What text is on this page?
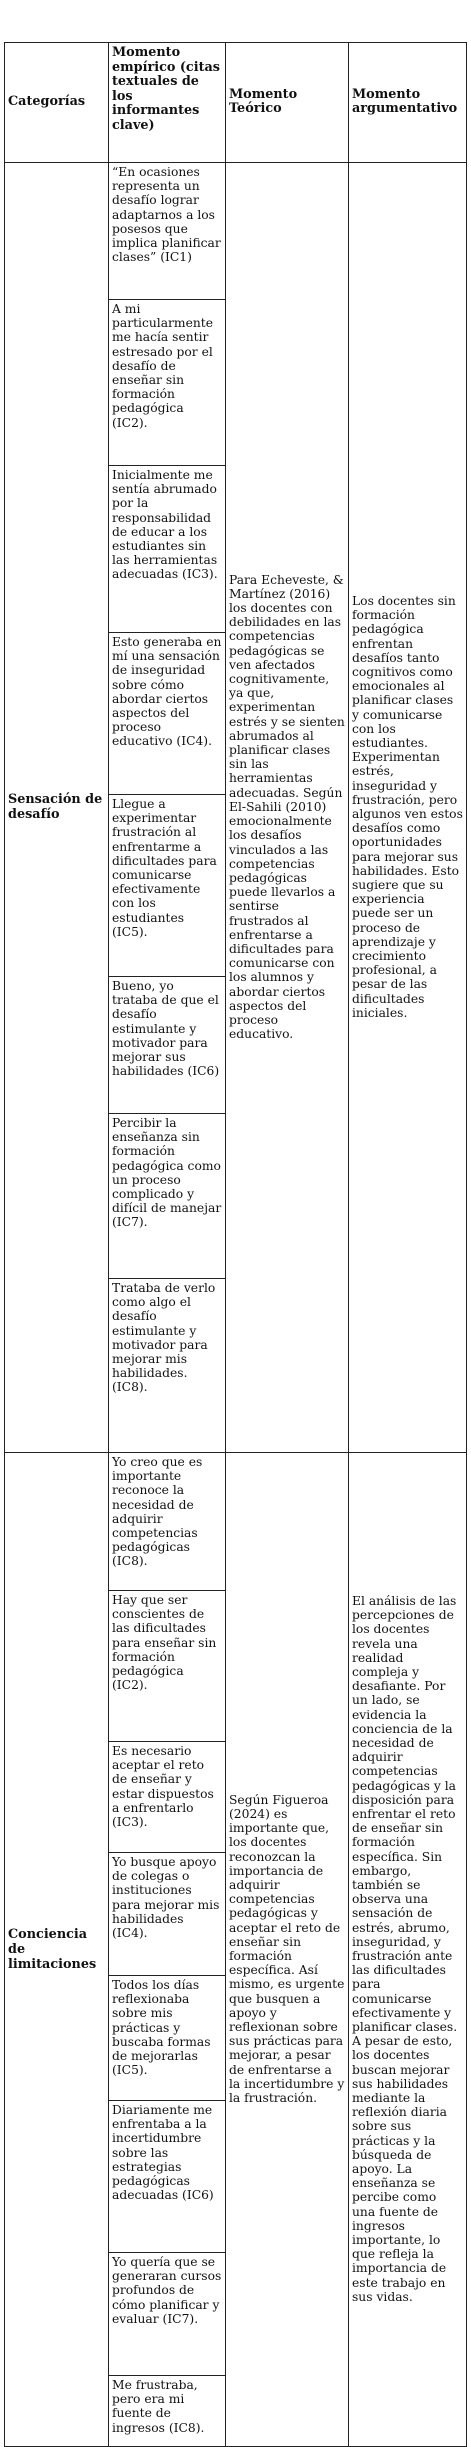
Categorías
Momento empírico (citas textuales de los informantes clave)
Momento Teórico
Momento argumentativo
Sensación de desafío
“En ocasiones representa un desafío lograr adaptarnos a los posesos que implica planificar clases” (IC1)
A mi particularmente me hacía sentir estresado por el desafío de enseñar sin formación pedagógica (IC2).
Inicialmente me sentía abrumado por la responsabilidad de educar a los estudiantes sin las herramientas adecuadas (IC3).
Esto generaba en mí una sensación de inseguridad sobre cómo abordar ciertos aspectos del proceso educativo (IC4).
Llegue a experimentar frustración al enfrentarme a dificultades para comunicarse efectivamente con los estudiantes (IC5).
Bueno, yo trataba de que el desafío estimulante y motivador para mejorar sus habilidades (IC6)
Percibir la enseñanza sin formación pedagógica como un proceso complicado y difícil de manejar (IC7).
Trataba de verlo como algo el desafío estimulante y motivador para mejorar mis habilidades. (IC8).
Para Echeveste, & Martínez (2016) los docentes con debilidades en las competencias pedagógicas se ven afectados cognitivamente, ya que, experimentan estrés y se sienten abrumados al planificar clases sin las herramientas adecuadas. Según El-Sahili (2010) emocionalmente los desafíos vinculados a las competencias pedagógicas puede llevarlos a sentirse frustrados al enfrentarse a dificultades para comunicarse con los alumnos y abordar ciertos aspectos del proceso educativo.
Los docentes sin formación pedagógica enfrentan desafíos tanto cognitivos como emocionales al planificar clases y comunicarse con los estudiantes. Experimentan estrés, inseguridad y frustración, pero algunos ven estos desafíos como oportunidades para mejorar sus habilidades. Esto sugiere que su experiencia puede ser un proceso de aprendizaje y crecimiento profesional, a pesar de las dificultades iniciales.
Conciencia de limitaciones
Yo creo que es importante reconoce la necesidad de adquirir competencias pedagógicas (IC8).
Hay que ser conscientes de las dificultades para enseñar sin formación pedagógica (IC2).
Es necesario aceptar el reto de enseñar y estar dispuestos a enfrentarlo (IC3).
Yo busque apoyo de colegas o instituciones para mejorar mis habilidades (IC4).
Todos los días reflexionaba sobre mis prácticas y buscaba formas de mejorarlas (IC5).
Diariamente me enfrentaba a la incertidumbre sobre las estrategias pedagógicas adecuadas (IC6)
Yo quería que se generaran cursos profundos de cómo planificar y evaluar (IC7).
Me frustraba, pero era mi fuente de ingresos (IC8).
Según Figueroa (2024) es importante que, los docentes reconozcan la importancia de adquirir competencias pedagógicas y aceptar el reto de enseñar sin formación específica. Así mismo, es urgente que busquen a apoyo y reflexionan sobre sus prácticas para mejorar, a pesar de enfrentarse a la incertidumbre y la frustración.
El análisis de las percepciones de los docentes revela una realidad compleja y desafiante. Por un lado, se evidencia la conciencia de la necesidad de adquirir competencias pedagógicas y la disposición para enfrentar el reto de enseñar sin formación específica. Sin embargo, también se observa una sensación de estrés, abrumo, inseguridad, y frustración ante las dificultades para comunicarse efectivamente y planificar clases. A pesar de esto, los docentes buscan mejorar sus habilidades mediante la reflexión diaria sobre sus prácticas y la búsqueda de apoyo. La enseñanza se percibe como una fuente de ingresos importante, lo que refleja la importancia de este trabajo en sus vidas.
